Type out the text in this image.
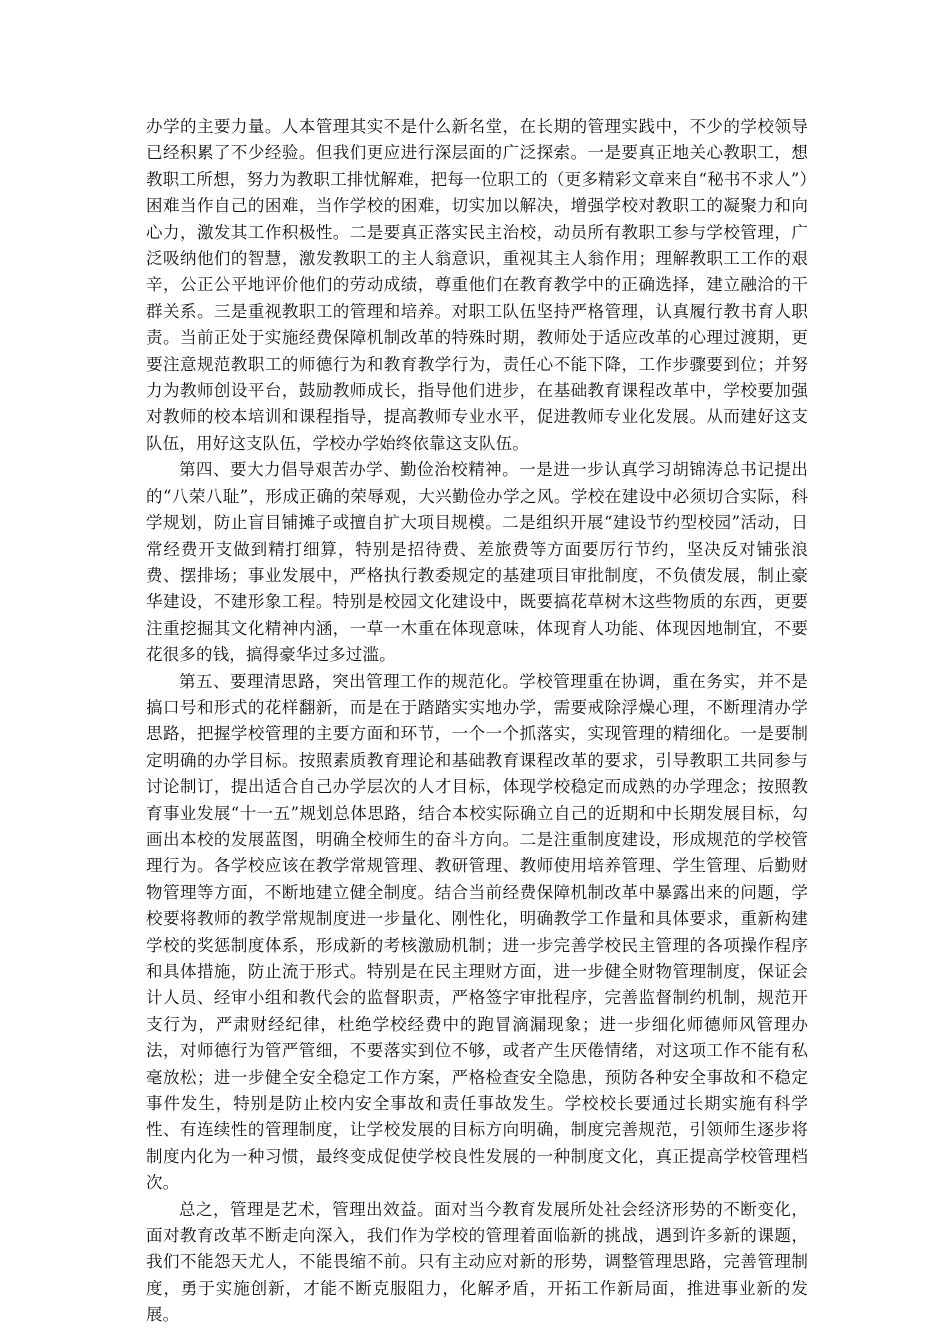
办学的主要力量。人本管理其实不是什么新名堂，在长期的管理实践中，不少的学校领导已经积累了不少经验。但我们更应进行深层面的广泛探索。一是要真正地关心教职工，想教职工所想，努力为教职工排忧解难，把每一位职工的（更多精彩文章来自“秘书不求人”）困难当作自己的困难，当作学校的困难，切实加以解决，增强学校对教职工的凝聚力和向心力，激发其工作积极性。二是要真正落实民主治校，动员所有教职工参与学校管理，广泛吸纳他们的智慧，激发教职工的主人翁意识，重视其主人翁作用；理解教职工工作的艰辛，公正公平地评价他们的劳动成绩，尊重他们在教育教学中的正确选择，建立融洽的干群关系。三是重视教职工的管理和培养。对职工队伍坚持严格管理，认真履行教书育人职责。当前正处于实施经费保障机制改革的特殊时期，教师处于适应改革的心理过渡期，更要注意规范教职工的师德行为和教育教学行为，责任心不能下降，工作步骤要到位；并努力为教师创设平台，鼓励教师成长，指导他们进步，在基础教育课程改革中，学校要加强对教师的校本培训和课程指导，提高教师专业水平，促进教师专业化发展。从而建好这支队伍，用好这支队伍，学校办学始终依靠这支队伍。

第四、要大力倡导艰苦办学、勤俭治校精神。一是进一步认真学习胡锦涛总书记提出的“八荣八耻”，形成正确的荣辱观，大兴勤俭办学之风。学校在建设中必须切合实际，科学规划，防止盲目铺摊子或擅自扩大项目规模。二是组织开展“建设节约型校园”活动，日常经费开支做到精打细算，特别是招待费、差旅费等方面要厉行节约，坚决反对铺张浪费、摆排场；事业发展中，严格执行教委规定的基建项目审批制度，不负债发展，制止豪华建设，不建形象工程。特别是校园文化建设中，既要搞花草树木这些物质的东西，更要注重挖掘其文化精神内涵，一草一木重在体现意味，体现育人功能、体现因地制宜，不要花很多的钱，搞得豪华过多过滥。

第五、要理清思路，突出管理工作的规范化。学校管理重在协调，重在务实，并不是搞口号和形式的花样翻新，而是在于踏踏实实地办学，需要戒除浮燥心理，不断理清办学思路，把握学校管理的主要方面和环节，一个一个抓落实，实现管理的精细化。一是要制定明确的办学目标。按照素质教育理论和基础教育课程改革的要求，引导教职工共同参与讨论制订，提出适合自己办学层次的人才目标，体现学校稳定而成熟的办学理念；按照教育事业发展“十一五”规划总体思路，结合本校实际确立自己的近期和中长期发展目标，勾画出本校的发展蓝图，明确全校师生的奋斗方向。二是注重制度建设，形成规范的学校管理行为。各学校应该在教学常规管理、教研管理、教师使用培养管理、学生管理、后勤财物管理等方面，不断地建立健全制度。结合当前经费保障机制改革中暴露出来的问题，学校要将教师的教学常规制度进一步量化、刚性化，明确教学工作量和具体要求，重新构建学校的奖惩制度体系，形成新的考核激励机制；进一步完善学校民主管理的各项操作程序和具体措施，防止流于形式。特别是在民主理财方面，进一步健全财物管理制度，保证会计人员、经审小组和教代会的监督职责，严格签字审批程序，完善监督制约机制，规范开支行为，严肃财经纪律，杜绝学校经费中的跑冒滴漏现象；进一步细化师德师风管理办法，对师德行为管严管细，不要落实到位不够，或者产生厌倦情绪，对这项工作不能有私毫放松；进一步健全安全稳定工作方案，严格检查安全隐患，预防各种安全事故和不稳定事件发生，特别是防止校内安全事故和责任事故发生。学校校长要通过长期实施有科学性、有连续性的管理制度，让学校发展的目标方向明确，制度完善规范，引领师生逐步将制度内化为一种习惯，最终变成促使学校良性发展的一种制度文化，真正提高学校管理档次。

总之，管理是艺术，管理出效益。面对当今教育发展所处社会经济形势的不断变化，面对教育改革不断走向深入，我们作为学校的管理着面临新的挑战，遇到许多新的课题，我们不能怨天尤人，不能畏缩不前。只有主动应对新的形势，调整管理思路，完善管理制度，勇于实施创新，才能不断克服阻力，化解矛盾，开拓工作新局面，推进事业新的发展。
